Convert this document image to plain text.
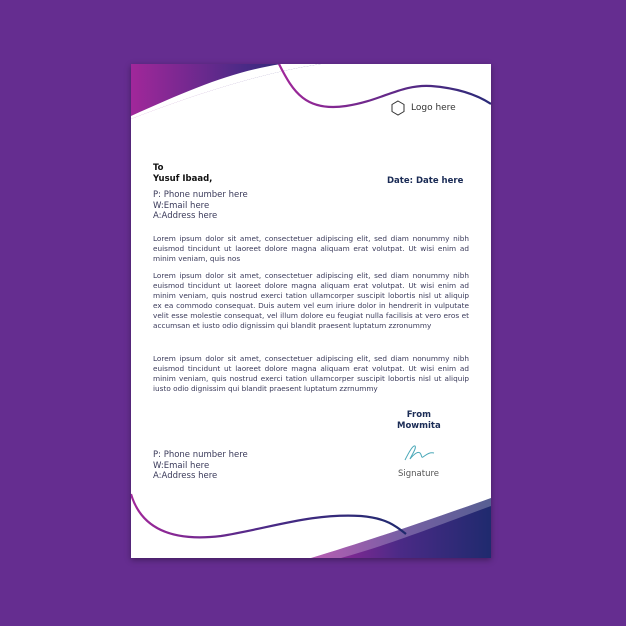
Logo here
To
Yusuf Ibaad,	Date: Date here
P: Phone number here
W:Email here
A:Address here
Lorem ipsum dolor sit amet, consectetuer adipiscing elit, sed diam nonummy nibh euismod tincidunt ut laoreet dolore magna aliquam erat volutpat. Ut wisi enim ad minim veniam, quis nos
Lorem ipsum dolor sit amet, consectetuer adipiscing elit, sed diam nonummy nibh euismod tincidunt ut laoreet dolore magna aliquam erat volutpat. Ut wisi enim ad minim veniam, quis nostrud exerci tation ullamcorper suscipit lobortis nisl ut aliquip ex ea commodo consequat. Duis autem vel eum iriure dolor in hendrerit in vulputate velit esse molestie consequat, vel illum dolore eu feugiat nulla facilisis at vero eros et accumsan et iusto odio dignissim qui blandit praesent luptatum zzronummy
Lorem ipsum dolor sit amet, consectetuer adipiscing elit, sed diam nonummy nibh euismod tincidunt ut laoreet dolore magna aliquam erat volutpat. Ut wisi enim ad minim veniam, quis nostrud exerci tation ullamcorper suscipit lobortis nisl ut aliquip iusto odio dignissim qui blandit praesent luptatum zzrnummy
From
Mowmita
Signature
P: Phone number here
W:Email here
A:Address here
